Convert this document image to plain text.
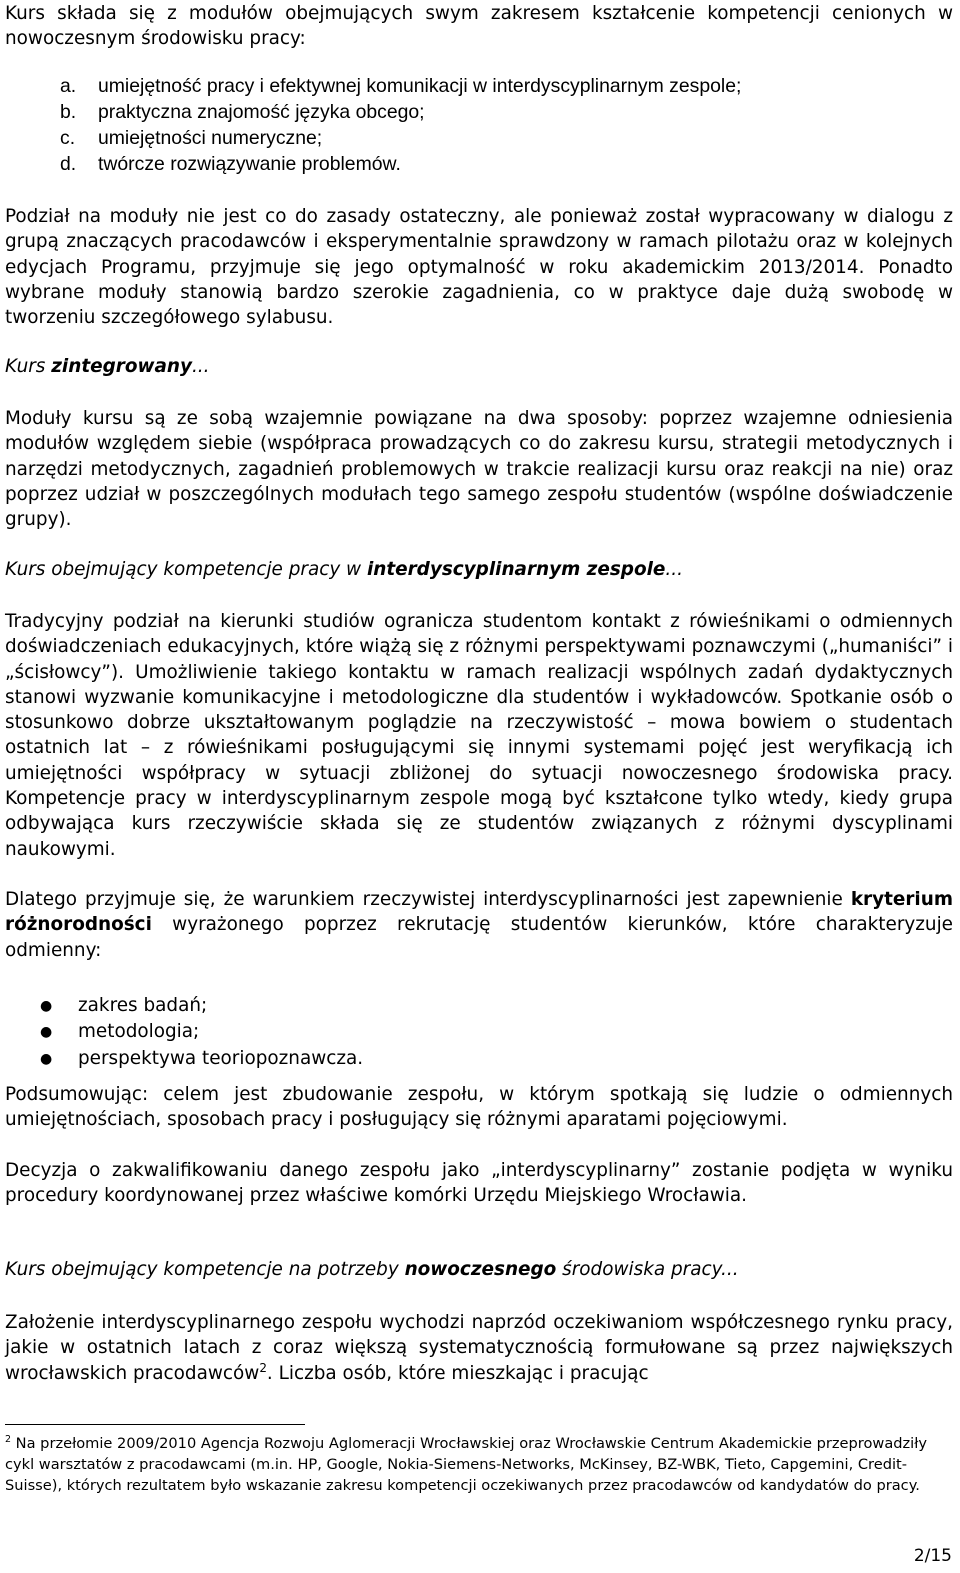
Kurs składa się z modułów obejmujących swym zakresem kształcenie kompetencji cenionych w nowoczesnym środowisku pracy:

a. umiejętność pracy i efektywnej komunikacji w interdyscyplinarnym zespole;
b. praktyczna znajomość języka obcego;
c. umiejętności numeryczne;
d. twórcze rozwiązywanie problemów.

Podział na moduły nie jest co do zasady ostateczny, ale ponieważ został wypracowany w dialogu z grupą znaczących pracodawców i eksperymentalnie sprawdzony w ramach pilotażu oraz w kolejnych edycjach Programu, przyjmuje się jego optymalność w roku akademickim 2013/2014. Ponadto wybrane moduły stanowią bardzo szerokie zagadnienia, co w praktyce daje dużą swobodę w tworzeniu szczegółowego sylabusu.

Kurs zintegrowany...

Moduły kursu są ze sobą wzajemnie powiązane na dwa sposoby: poprzez wzajemne odniesienia modułów względem siebie (współpraca prowadzących co do zakresu kursu, strategii metodycznych i narzędzi metodycznych, zagadnień problemowych w trakcie realizacji kursu oraz reakcji na nie) oraz poprzez udział w poszczególnych modułach tego samego zespołu studentów (wspólne doświadczenie grupy).

Kurs obejmujący kompetencje pracy w interdyscyplinarnym zespole...

Tradycyjny podział na kierunki studiów ogranicza studentom kontakt z rówieśnikami o odmiennych doświadczeniach edukacyjnych, które wiążą się z różnymi perspektywami poznawczymi („humaniści” i „ścisłowcy”). Umożliwienie takiego kontaktu w ramach realizacji wspólnych zadań dydaktycznych stanowi wyzwanie komunikacyjne i metodologiczne dla studentów i wykładowców. Spotkanie osób o stosunkowo dobrze ukształtowanym poglądzie na rzeczywistość – mowa bowiem o studentach ostatnich lat – z rówieśnikami posługującymi się innymi systemami pojęć jest weryfikacją ich umiejętności współpracy w sytuacji zbliżonej do sytuacji nowoczesnego środowiska pracy. Kompetencje pracy w interdyscyplinarnym zespole mogą być kształcone tylko wtedy, kiedy grupa odbywająca kurs rzeczywiście składa się ze studentów związanych z różnymi dyscyplinami naukowymi.

Dlatego przyjmuje się, że warunkiem rzeczywistej interdyscyplinarności jest zapewnienie kryterium różnorodności wyrażonego poprzez rekrutację studentów kierunków, które charakteryzuje odmienny:

● zakres badań;
● metodologia;
● perspektywa teoriopoznawcza.

Podsumowując: celem jest zbudowanie zespołu, w którym spotkają się ludzie o odmiennych umiejętnościach, sposobach pracy i posługujący się różnymi aparatami pojęciowymi.

Decyzja o zakwalifikowaniu danego zespołu jako „interdyscyplinarny” zostanie podjęta w wyniku procedury koordynowanej przez właściwe komórki Urzędu Miejskiego Wrocławia.

Kurs obejmujący kompetencje na potrzeby nowoczesnego środowiska pracy...

Założenie interdyscyplinarnego zespołu wychodzi naprzód oczekiwaniom współczesnego rynku pracy, jakie w ostatnich latach z coraz większą systematycznością formułowane są przez największych wrocławskich pracodawców$^2$. Liczba osób, które mieszkając i pracując

$^2$ Na przełomie 2009/2010 Agencja Rozwoju Aglomeracji Wrocławskiej oraz Wrocławskie Centrum Akademickie przeprowadziły cykl warsztatów z pracodawcami (m.in. HP, Google, Nokia-Siemens-Networks, McKinsey, BZ-WBK, Tieto, Capgemini, Credit-Suisse), których rezultatem było wskazanie zakresu kompetencji oczekiwanych przez pracodawców od kandydatów do pracy.

2/15
